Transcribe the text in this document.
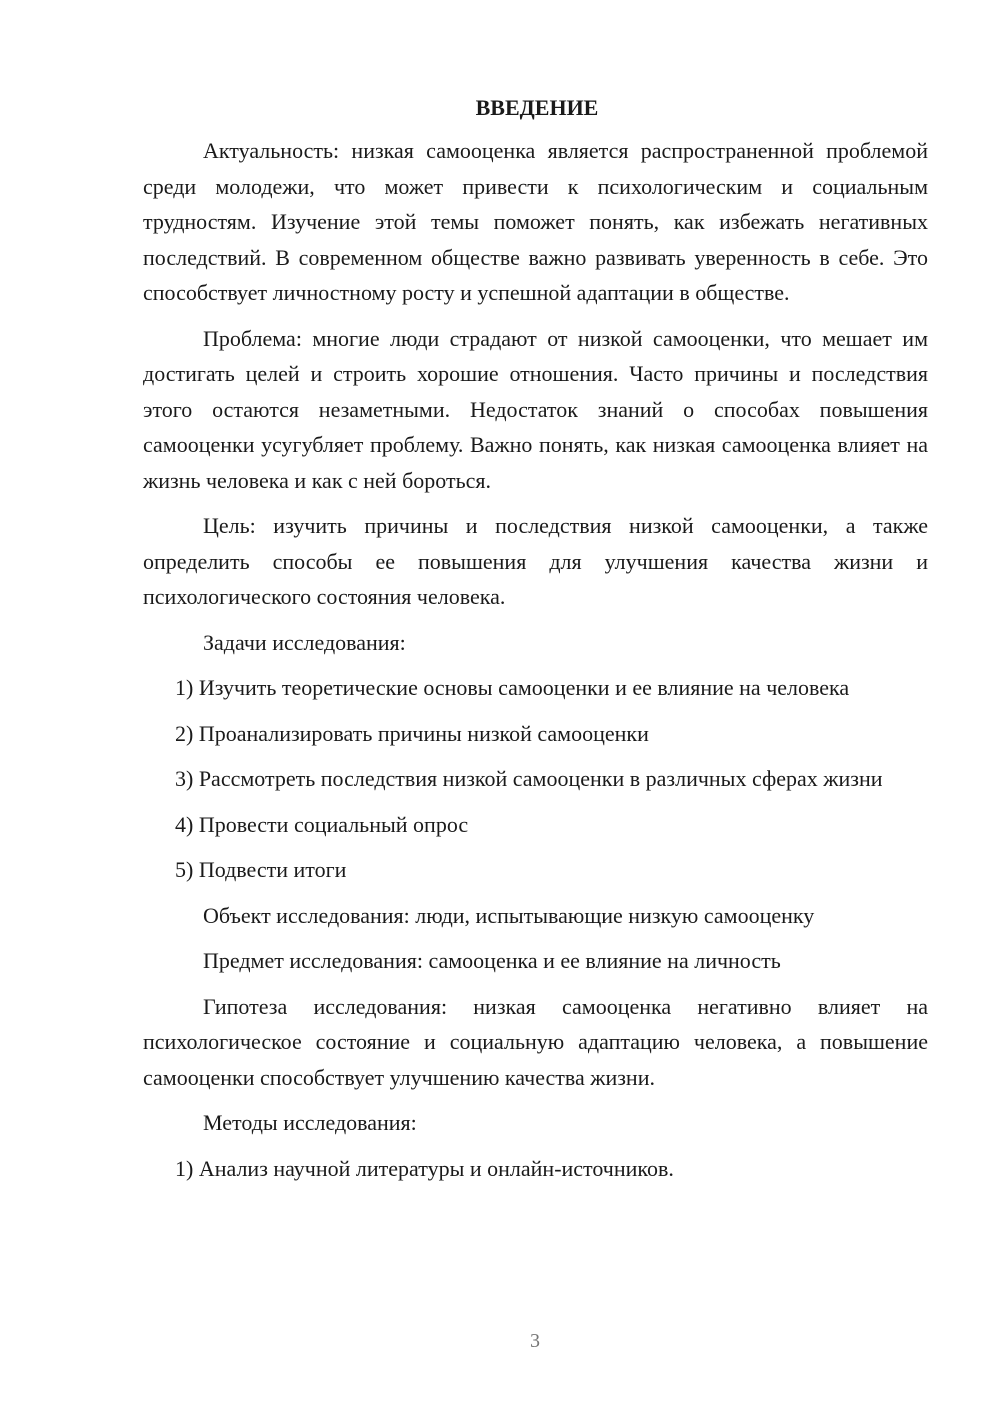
ВВЕДЕНИЕ

Актуальность: низкая самооценка является распространенной проблемой среди молодежи, что может привести к психологическим и социальным трудностям. Изучение этой темы поможет понять, как избежать негативных последствий. В современном обществе важно развивать уверенность в себе. Это способствует личностному росту и успешной адаптации в обществе.

Проблема: многие люди страдают от низкой самооценки, что мешает им достигать целей и строить хорошие отношения. Часто причины и последствия этого остаются незаметными. Недостаток знаний о способах повышения самооценки усугубляет проблему. Важно понять, как низкая самооценка влияет на жизнь человека и как с ней бороться.

Цель: изучить причины и последствия низкой самооценки, а также определить способы ее повышения для улучшения качества жизни и психологического состояния человека.

Задачи исследования:

1) Изучить теоретические основы самооценки и ее влияние на человека

2) Проанализировать причины низкой самооценки

3) Рассмотреть последствия низкой самооценки в различных сферах жизни

4) Провести социальный опрос

5) Подвести итоги

Объект исследования: люди, испытывающие низкую самооценку

Предмет исследования: самооценка и ее влияние на личность

Гипотеза исследования: низкая самооценка негативно влияет на психологическое состояние и социальную адаптацию человека, а повышение самооценки способствует улучшению качества жизни.

Методы исследования:

1) Анализ научной литературы и онлайн-источников.

3
